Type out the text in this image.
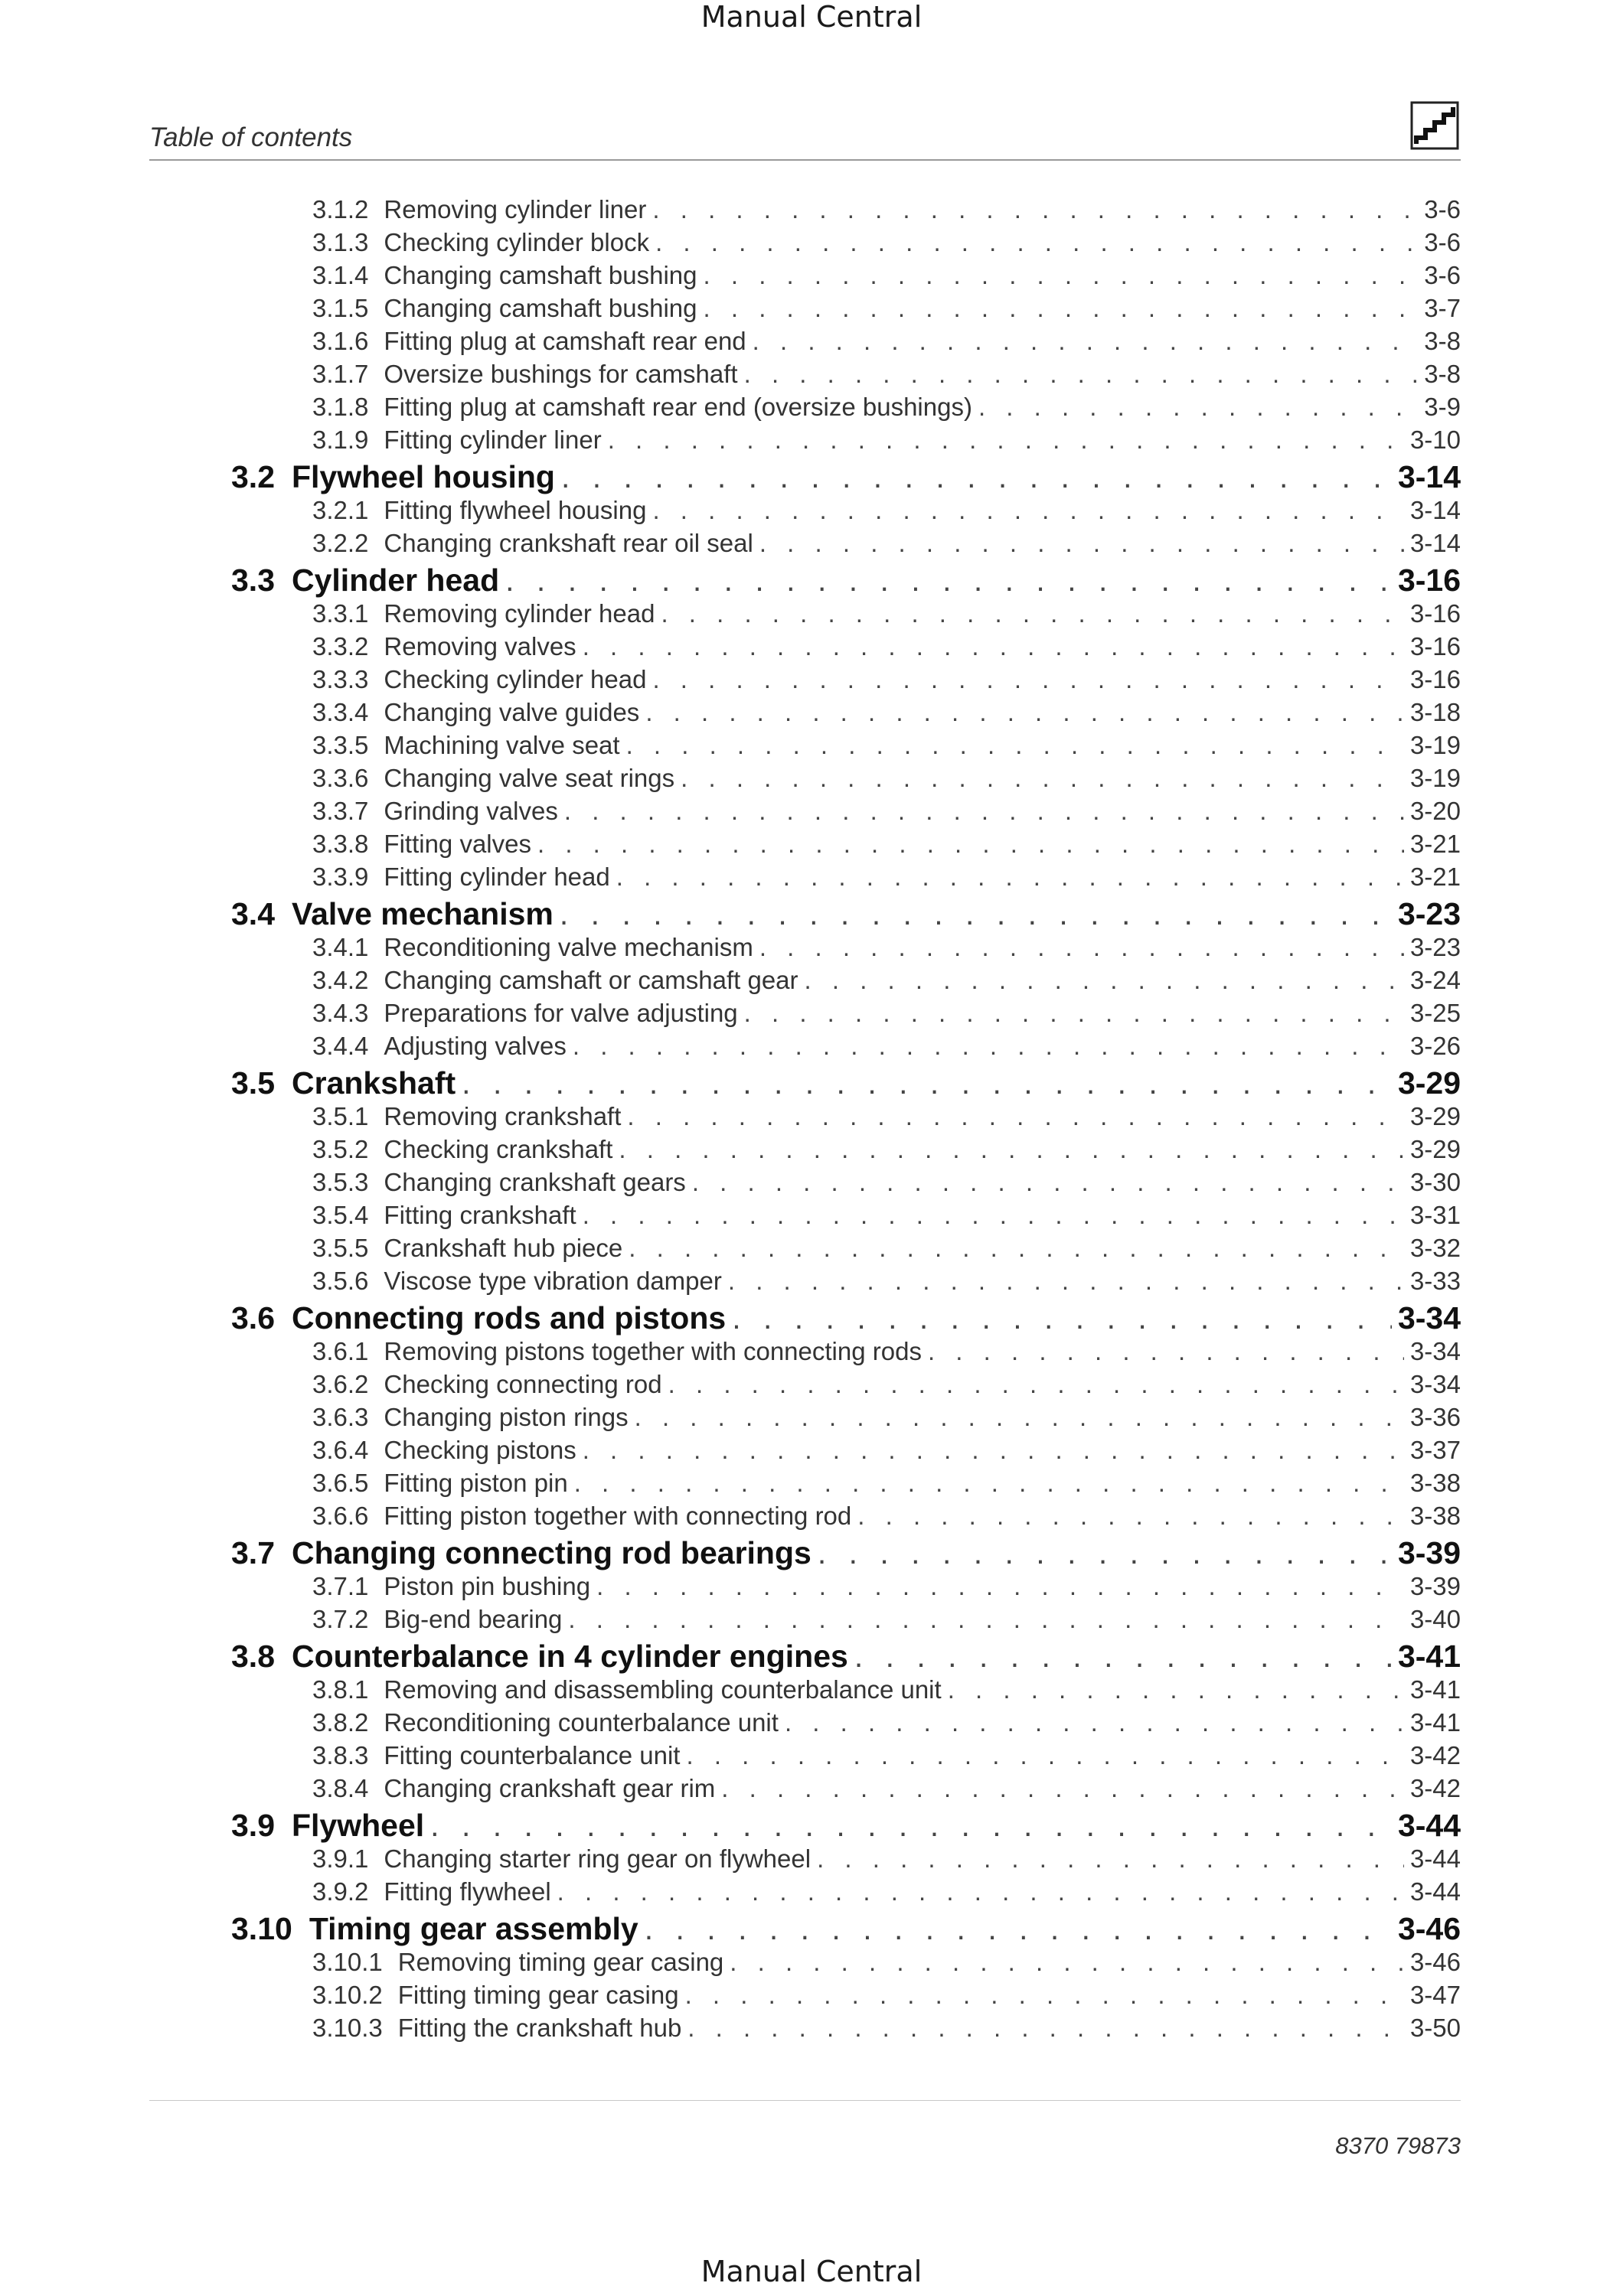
Manual Central
Table of contents
3.1.2 Removing cylinder liner . . .	3-6
3.1.3 Checking cylinder block . . .	3-6
3.1.4 Changing camshaft bushing . . .	3-6
3.1.5 Changing camshaft bushing . . .	3-7
3.1.6 Fitting plug at camshaft rear end . . .	3-8
3.1.7 Oversize bushings for camshaft . . .	3-8
3.1.8 Fitting plug at camshaft rear end (oversize bushings) . . .	3-9
3.1.9 Fitting cylinder liner . . .	3-10
3.2 Flywheel housing . . .	3-14
3.2.1 Fitting flywheel housing . . .	3-14
3.2.2 Changing crankshaft rear oil seal . . .	3-14
3.3 Cylinder head . . .	3-16
3.3.1 Removing cylinder head . . .	3-16
3.3.2 Removing valves . . .	3-16
3.3.3 Checking cylinder head . . .	3-16
3.3.4 Changing valve guides . . .	3-18
3.3.5 Machining valve seat . . .	3-19
3.3.6 Changing valve seat rings . . .	3-19
3.3.7 Grinding valves . . .	3-20
3.3.8 Fitting valves . . .	3-21
3.3.9 Fitting cylinder head . . .	3-21
3.4 Valve mechanism . . .	3-23
3.4.1 Reconditioning valve mechanism . . .	3-23
3.4.2 Changing camshaft or camshaft gear . . .	3-24
3.4.3 Preparations for valve adjusting . . .	3-25
3.4.4 Adjusting valves . . .	3-26
3.5 Crankshaft . . .	3-29
3.5.1 Removing crankshaft . . .	3-29
3.5.2 Checking crankshaft . . .	3-29
3.5.3 Changing crankshaft gears . . .	3-30
3.5.4 Fitting crankshaft . . .	3-31
3.5.5 Crankshaft hub piece . . .	3-32
3.5.6 Viscose type vibration damper . . .	3-33
3.6 Connecting rods and pistons . . .	3-34
3.6.1 Removing pistons together with connecting rods . . .	3-34
3.6.2 Checking connecting rod . . .	3-34
3.6.3 Changing piston rings . . .	3-36
3.6.4 Checking pistons . . .	3-37
3.6.5 Fitting piston pin . . .	3-38
3.6.6 Fitting piston together with connecting rod . . .	3-38
3.7 Changing connecting rod bearings . . .	3-39
3.7.1 Piston pin bushing . . .	3-39
3.7.2 Big-end bearing . . .	3-40
3.8 Counterbalance in 4 cylinder engines . . .	3-41
3.8.1 Removing and disassembling counterbalance unit . . .	3-41
3.8.2 Reconditioning counterbalance unit . . .	3-41
3.8.3 Fitting counterbalance unit . . .	3-42
3.8.4 Changing crankshaft gear rim . . .	3-42
3.9 Flywheel . . .	3-44
3.9.1 Changing starter ring gear on flywheel . . .	3-44
3.9.2 Fitting flywheel . . .	3-44
3.10 Timing gear assembly . . .	3-46
3.10.1 Removing timing gear casing . . .	3-46
3.10.2 Fitting timing gear casing . . .	3-47
3.10.3 Fitting the crankshaft hub . . .	3-50
8370 79873
Manual Central
